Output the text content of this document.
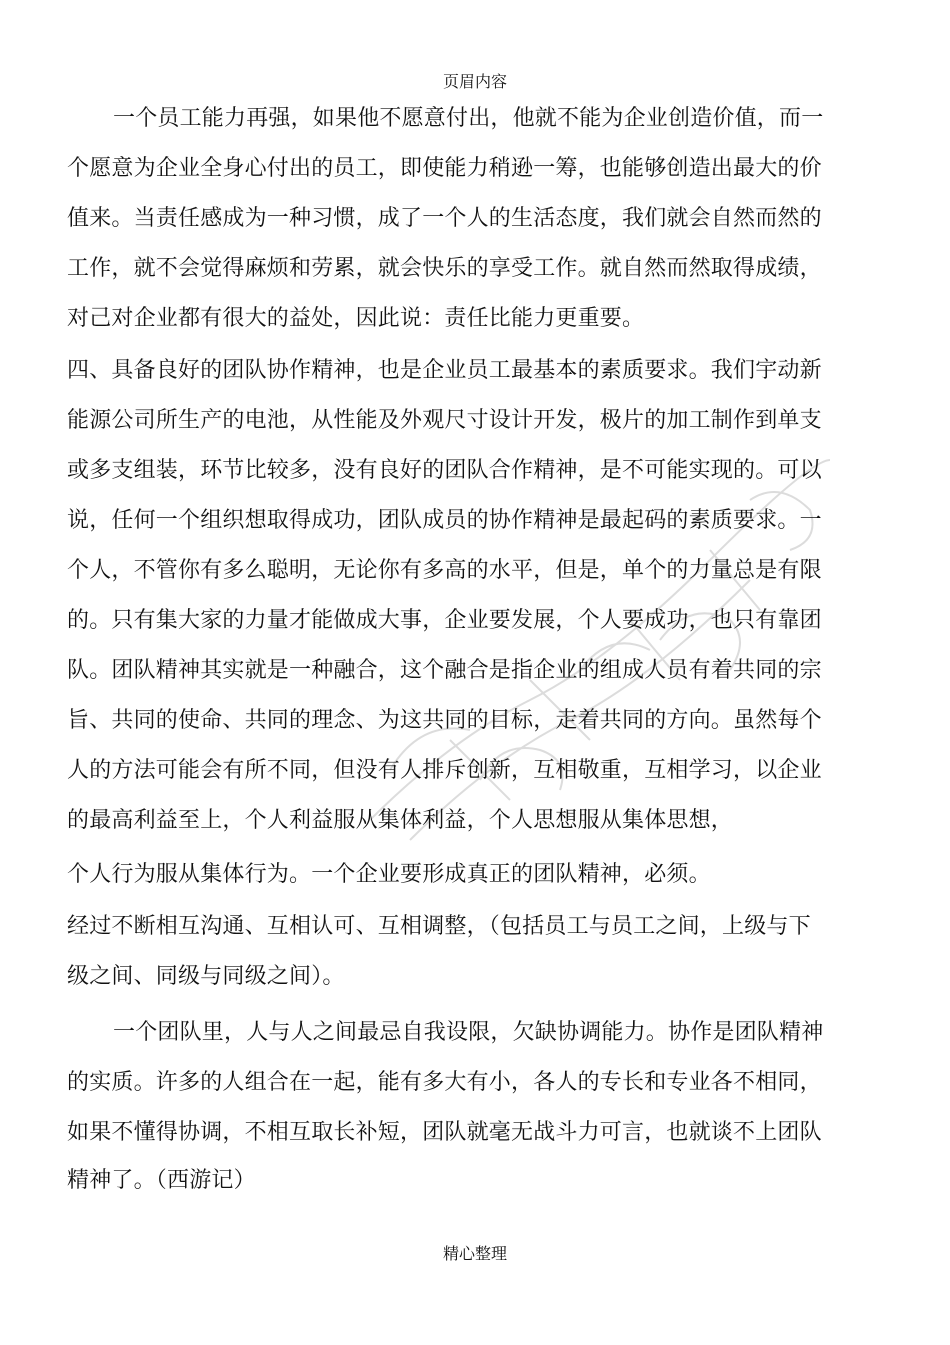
页眉内容
一个员工能力再强，如果他不愿意付出，他就不能为企业创造价值，而一
个愿意为企业全身心付出的员工，即使能力稍逊一筹，也能够创造出最大的价
值来。当责任感成为一种习惯，成了一个人的生活态度，我们就会自然而然的
工作，就不会觉得麻烦和劳累，就会快乐的享受工作。就自然而然取得成绩，
对己对企业都有很大的益处，因此说：责任比能力更重要。
四、具备良好的团队协作精神，也是企业员工最基本的素质要求。我们宇动新
能源公司所生产的电池，从性能及外观尺寸设计开发，极片的加工制作到单支
或多支组装，环节比较多，没有良好的团队合作精神，是不可能实现的。可以
说，任何一个组织想取得成功，团队成员的协作精神是最起码的素质要求。一
个人，不管你有多么聪明，无论你有多高的水平，但是，单个的力量总是有限
的。只有集大家的力量才能做成大事，企业要发展，个人要成功，也只有靠团
队。团队精神其实就是一种融合，这个融合是指企业的组成人员有着共同的宗
旨、共同的使命、共同的理念、为这共同的目标，走着共同的方向。虽然每个
人的方法可能会有所不同，但没有人排斥创新，互相敬重，互相学习，以企业
的最高利益至上，个人利益服从集体利益，个人思想服从集体思想，
个人行为服从集体行为。一个企业要形成真正的团队精神，必须。
经过不断相互沟通、互相认可、互相调整，（包括员工与员工之间，上级与下
级之间、同级与同级之间）。
一个团队里，人与人之间最忌自我设限，欠缺协调能力。协作是团队精神
的实质。许多的人组合在一起，能有多大有小，各人的专长和专业各不相同，
如果不懂得协调，不相互取长补短，团队就毫无战斗力可言，也就谈不上团队
精神了。（西游记）
精心整理
